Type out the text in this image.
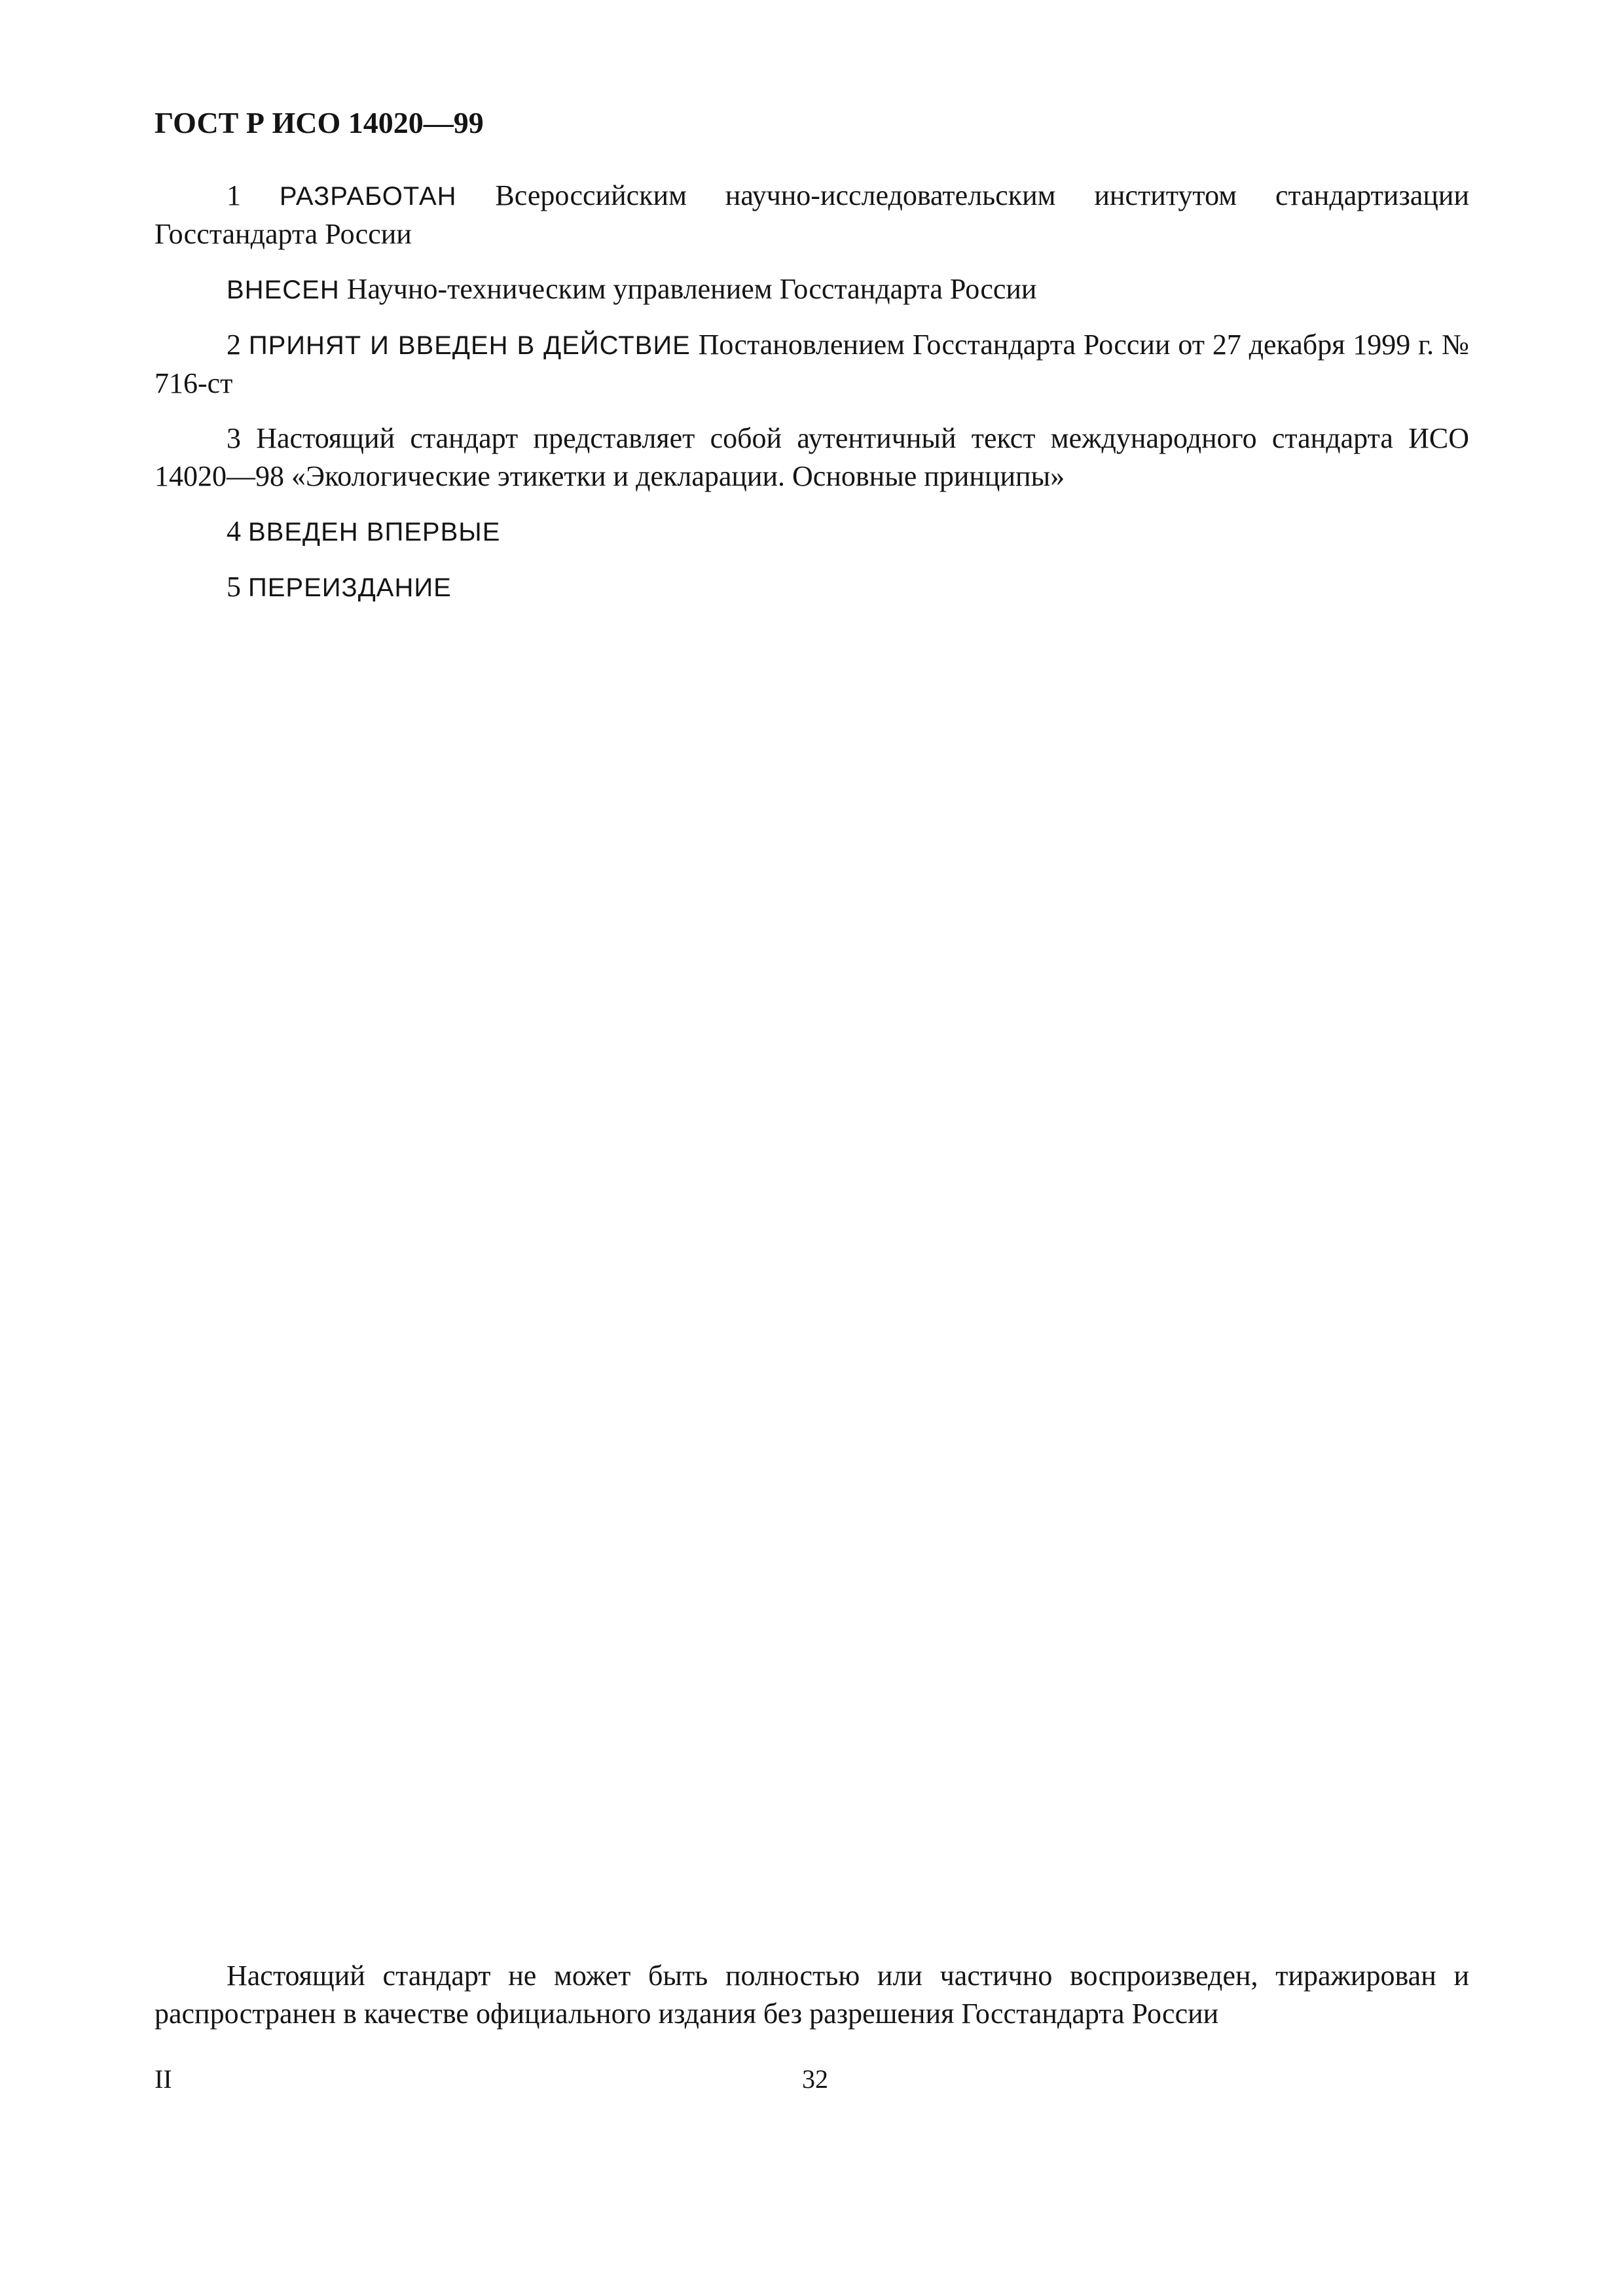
ГОСТ Р ИСО 14020—99

1 РАЗРАБОТАН Всероссийским научно-исследовательским институтом стандартизации Госстандарта России

ВНЕСЕН Научно-техническим управлением Госстандарта России

2 ПРИНЯТ И ВВЕДЕН В ДЕЙСТВИЕ Постановлением Госстандарта России от 27 декабря 1999 г. № 716-ст

3 Настоящий стандарт представляет собой аутентичный текст международного стандарта ИСО 14020—98 «Экологические этикетки и декларации. Основные принципы»

4 ВВЕДЕН ВПЕРВЫЕ

5 ПЕРЕИЗДАНИЕ

Настоящий стандарт не может быть полностью или частично воспроизведен, тиражирован и распространен в качестве официального издания без разрешения Госстандарта России

II	32
